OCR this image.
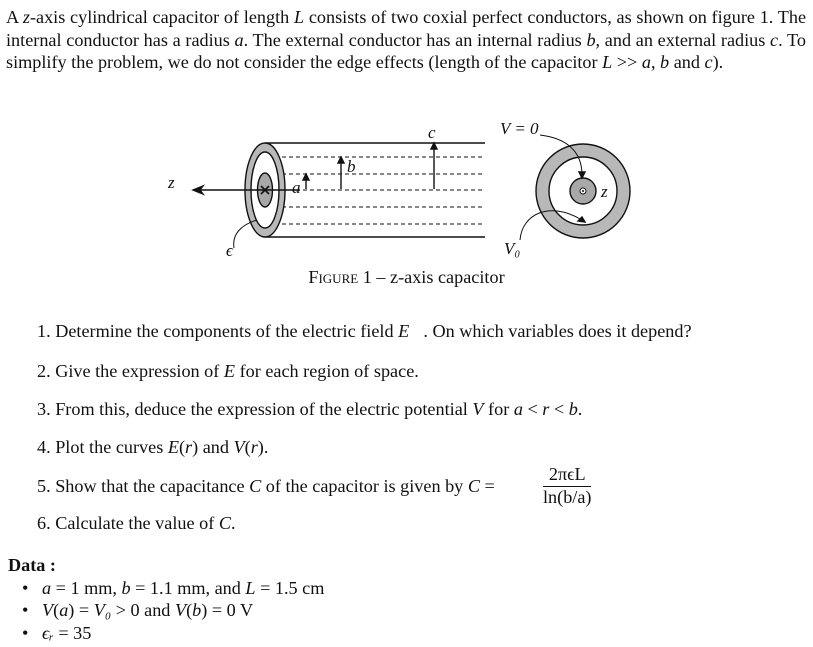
A z-axis cylindrical capacitor of length L consists of two coxial perfect conductors, as shown on figure 1. The internal conductor has a radius a. The external conductor has an internal radius b, and an external radius c. To simplify the problem, we do not consider the edge effects (length of the capacitor L >> a, b and c).
z	a
b
c
ϵ
V = 0
V₀
z
Figure 1 – z-axis capacitor
1. Determine the components of the electric field E⃗. On which variables does it depend?
2. Give the expression of E for each region of space.
3. From this, deduce the expression of the electric potential V for a < r < b.
4. Plot the curves E(r) and V(r).
5. Show that the capacitance C of the capacitor is given by C =
2πϵL
ln(b/a)
6. Calculate the value of C.
Data :
• a = 1 mm, b = 1.1 mm, and L = 1.5 cm
• V(a) = V₀ > 0 and V(b) = 0 V
• ϵᵣ = 35
